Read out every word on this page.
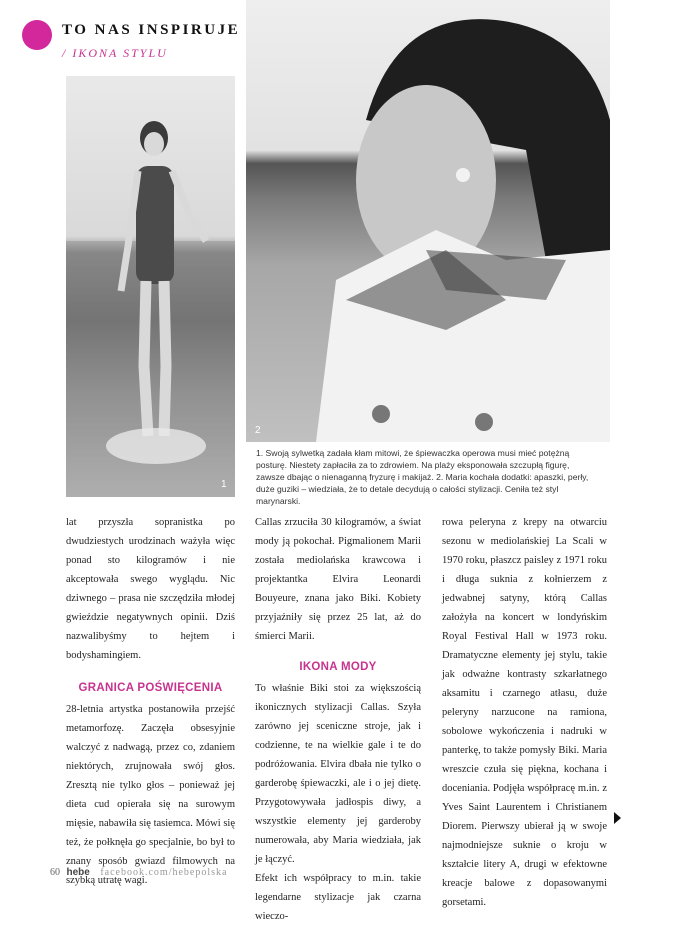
TO NAS INSPIRUJE
/ IKONA STYLU
1
2
1. Swoją sylwetką zadała kłam mitowi, że śpiewaczka operowa musi mieć potężną posturę. Niestety zapłaciła za to zdrowiem. Na plaży eksponowała szczupłą figurę, zawsze dbając o nienaganną fryzurę i makijaż. 2. Maria kochała dodatki: apaszki, perły, duże guziki – wiedziała, że to detale decydują o całości stylizacji. Ceniła też styl marynarski.

lat przyszła sopranistka po dwudziestych urodzinach ważyła więc ponad sto kilogramów i nie akceptowała swego wyglądu. Nic dziwnego – prasa nie szczędziła młodej gwieździe negatywnych opinii. Dziś nazwalibyśmy to hejtem i bodyshamingiem.

GRANICA POŚWIĘCENIA

28-letnia artystka postanowiła przejść metamorfozę. Zaczęła obsesyjnie walczyć z nadwagą, przez co, zdaniem niektórych, zrujnowała swój głos. Zresztą nie tylko głos – ponieważ jej dieta cud opierała się na surowym mięsie, nabawiła się tasiemca. Mówi się też, że połknęła go specjalnie, bo był to znany sposób gwiazd filmowych na szybką utratę wagi.

Callas zrzuciła 30 kilogramów, a świat mody ją pokochał. Pigmalionem Marii została mediolańska krawcowa i projektantka Elvira Leonardi Bouyeure, znana jako Biki. Kobiety przyjaźniły się przez 25 lat, aż do śmierci Marii.

IKONA MODY

To właśnie Biki stoi za większością ikonicznych stylizacji Callas. Szyła zarówno jej sceniczne stroje, jak i codzienne, te na wielkie gale i te do podróżowania. Elvira dbała nie tylko o garderobę śpiewaczki, ale i o jej dietę. Przygotowywała jadłospis diwy, a wszystkie elementy jej garderoby numerowała, aby Maria wiedziała, jak je łączyć.

Efekt ich współpracy to m.in. takie legendarne stylizacje jak czarna wieczo-

rowa peleryna z krepy na otwarciu sezonu w mediolańskiej La Scali w 1970 roku, płaszcz paisley z 1971 roku i długa suknia z kołnierzem z jedwabnej satyny, którą Callas założyła na koncert w londyńskim Royal Festival Hall w 1973 roku. Dramatyczne elementy jej stylu, takie jak odważne kontrasty szkarłatnego aksamitu i czarnego atłasu, duże peleryny narzucone na ramiona, sobolowe wykończenia i nadruki w panterkę, to także pomysły Biki. Maria wreszcie czuła się piękna, kochana i doceniania. Podjęła współpracę m.in. z Yves Saint Laurentem i Christianem Diorem. Pierwszy ubierał ją w swoje najmodniejsze suknie o kroju w kształcie litery A, drugi w efektowne kreacje balowe z dopasowanymi gorsetami.

60 hebe facebook.com/hebepolska
